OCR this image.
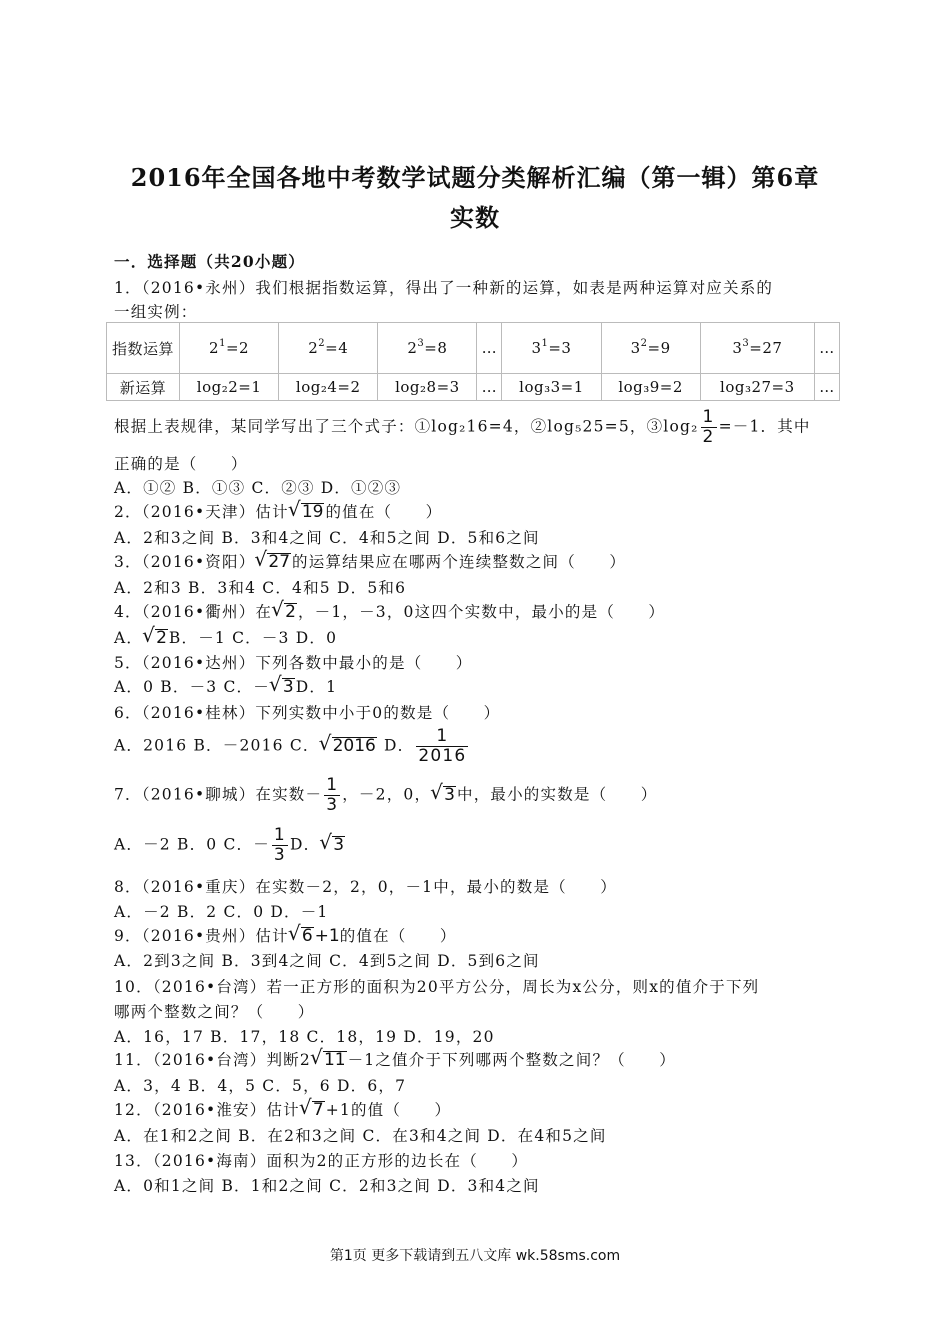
2016年全国各地中考数学试题分类解析汇编（第一辑）第6章
实数
一．选择题（共20小题）
1．（2016•永州）我们根据指数运算，得出了一种新的运算，如表是两种运算对应关系的
一组实例：
指数运算	$2^1=2$	$2^2=4$	$2^3=8$	…	$3^1=3$	$3^2=9$	$3^3=27$	…
新运算	log₂2=1	log₂4=2	log₂8=3	…	log₃3=1	log₃9=2	log₃27=3	…
根据上表规律，某同学写出了三个式子：①log₂16=4，②log₅25=5，③log₂ $\frac{1}{2} =-1$．其中
正确的是（　　）
A．①② B．①③ C．②③ D．①②③
2．（2016•天津）估计 √ 19 的值在（　　）
A．2和3之间 B．3和4之间 C．4和5之间 D．5和6之间
3．（2016•资阳） √ 27 的运算结果应在哪两个连续整数之间（　　）
A．2和3 B．3和4 C．4和5 D．5和6
4．（2016•衢州）在 √ 2 ，－1，－3，0这四个实数中，最小的是（　　）
A． √ 2 B．－1 C．－3 D．0
5．（2016•达州）下列各数中最小的是（　　）
A．0 B．－3 C．－ √ 3 D．1
6．（2016•桂林）下列实数中小于0的数是（　　）
A．2016 B．－2016 C． √ 2016 D． $\frac{1}{2016}$
7．（2016•聊城）在实数－ $\frac{1}{3}$ ，－2，0， √ 3 中，最小的实数是（　　）
A．－2 B．0 C．－ $\frac{1}{3}$ D． √ 3
8．（2016•重庆）在实数－2，2，0，－1中，最小的数是（　　）
A．－2 B．2 C．0 D．－1
9．（2016•贵州）估计 √ 6 +1的值在（　　）
A．2到3之间 B．3到4之间 C．4到5之间 D．5到6之间
10．（2016•台湾）若一正方形的面积为20平方公分，周长为x公分，则x的值介于下列
哪两个整数之间？（　　）
A．16，17 B．17，18 C．18，19 D．19，20
11．（2016•台湾）判断2 √ 11 －1之值介于下列哪两个整数之间？（　　）
A．3，4 B．4，5 C．5，6 D．6，7
12．（2016•淮安）估计 √ 7 +1的值（　　）
A．在1和2之间 B．在2和3之间 C．在3和4之间 D．在4和5之间
13．（2016•海南）面积为2的正方形的边长在（　　）
A．0和1之间 B．1和2之间 C．2和3之间 D．3和4之间
第1页 更多下载请到五八文库 wk.58sms.com
